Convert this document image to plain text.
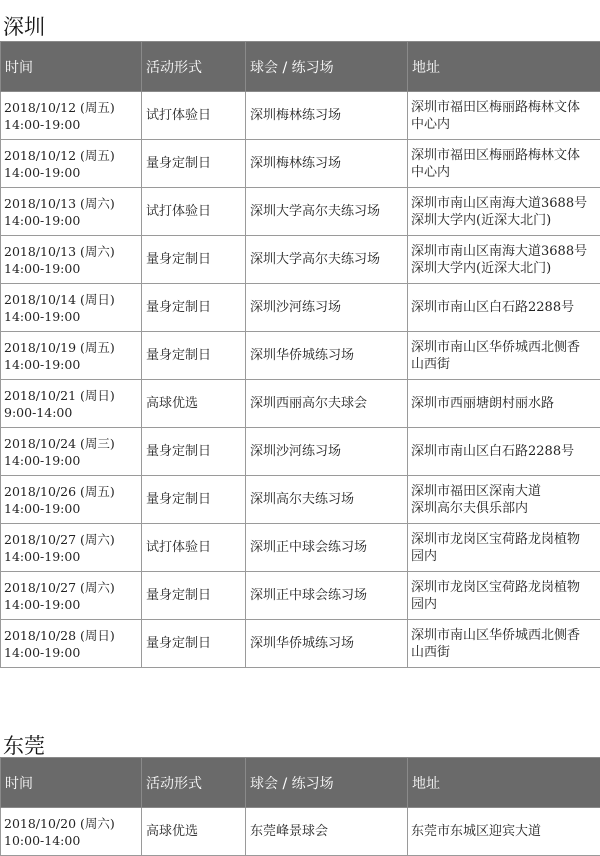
深圳
时间	活动形式	球会 / 练习场	地址

2018/10/12 (周五)
14:00-19:00	试打体验日	深圳梅林练习场	深圳市福田区梅丽路梅林文体
中心内

2018/10/12 (周五)
14:00-19:00	量身定制日	深圳梅林练习场	深圳市福田区梅丽路梅林文体
中心内

2018/10/13 (周六)
14:00-19:00	试打体验日	深圳大学高尔夫练习场	深圳市南山区南海大道3688号
深圳大学内(近深大北门)

2018/10/13 (周六)
14:00-19:00	量身定制日	深圳大学高尔夫练习场	深圳市南山区南海大道3688号
深圳大学内(近深大北门)

2018/10/14 (周日)
14:00-19:00	量身定制日	深圳沙河练习场	深圳市南山区白石路2288号

2018/10/19 (周五)
14:00-19:00	量身定制日	深圳华侨城练习场	深圳市南山区华侨城西北侧香
山西街

2018/10/21 (周日)
9:00-14:00	高球优选	深圳西丽高尔夫球会	深圳市西丽塘朗村丽水路

2018/10/24 (周三)
14:00-19:00	量身定制日	深圳沙河练习场	深圳市南山区白石路2288号

2018/10/26 (周五)
14:00-19:00	量身定制日	深圳高尔夫练习场	深圳市福田区深南大道
深圳高尔夫俱乐部内

2018/10/27 (周六)
14:00-19:00	试打体验日	深圳正中球会练习场	深圳市龙岗区宝荷路龙岗植物
园内

2018/10/27 (周六)
14:00-19:00	量身定制日	深圳正中球会练习场	深圳市龙岗区宝荷路龙岗植物
园内

2018/10/28 (周日)
14:00-19:00	量身定制日	深圳华侨城练习场	深圳市南山区华侨城西北侧香
山西街
东莞
时间	活动形式	球会 / 练习场	地址

2018/10/20 (周六)
10:00-14:00	高球优选	东莞峰景球会	东莞市东城区迎宾大道
